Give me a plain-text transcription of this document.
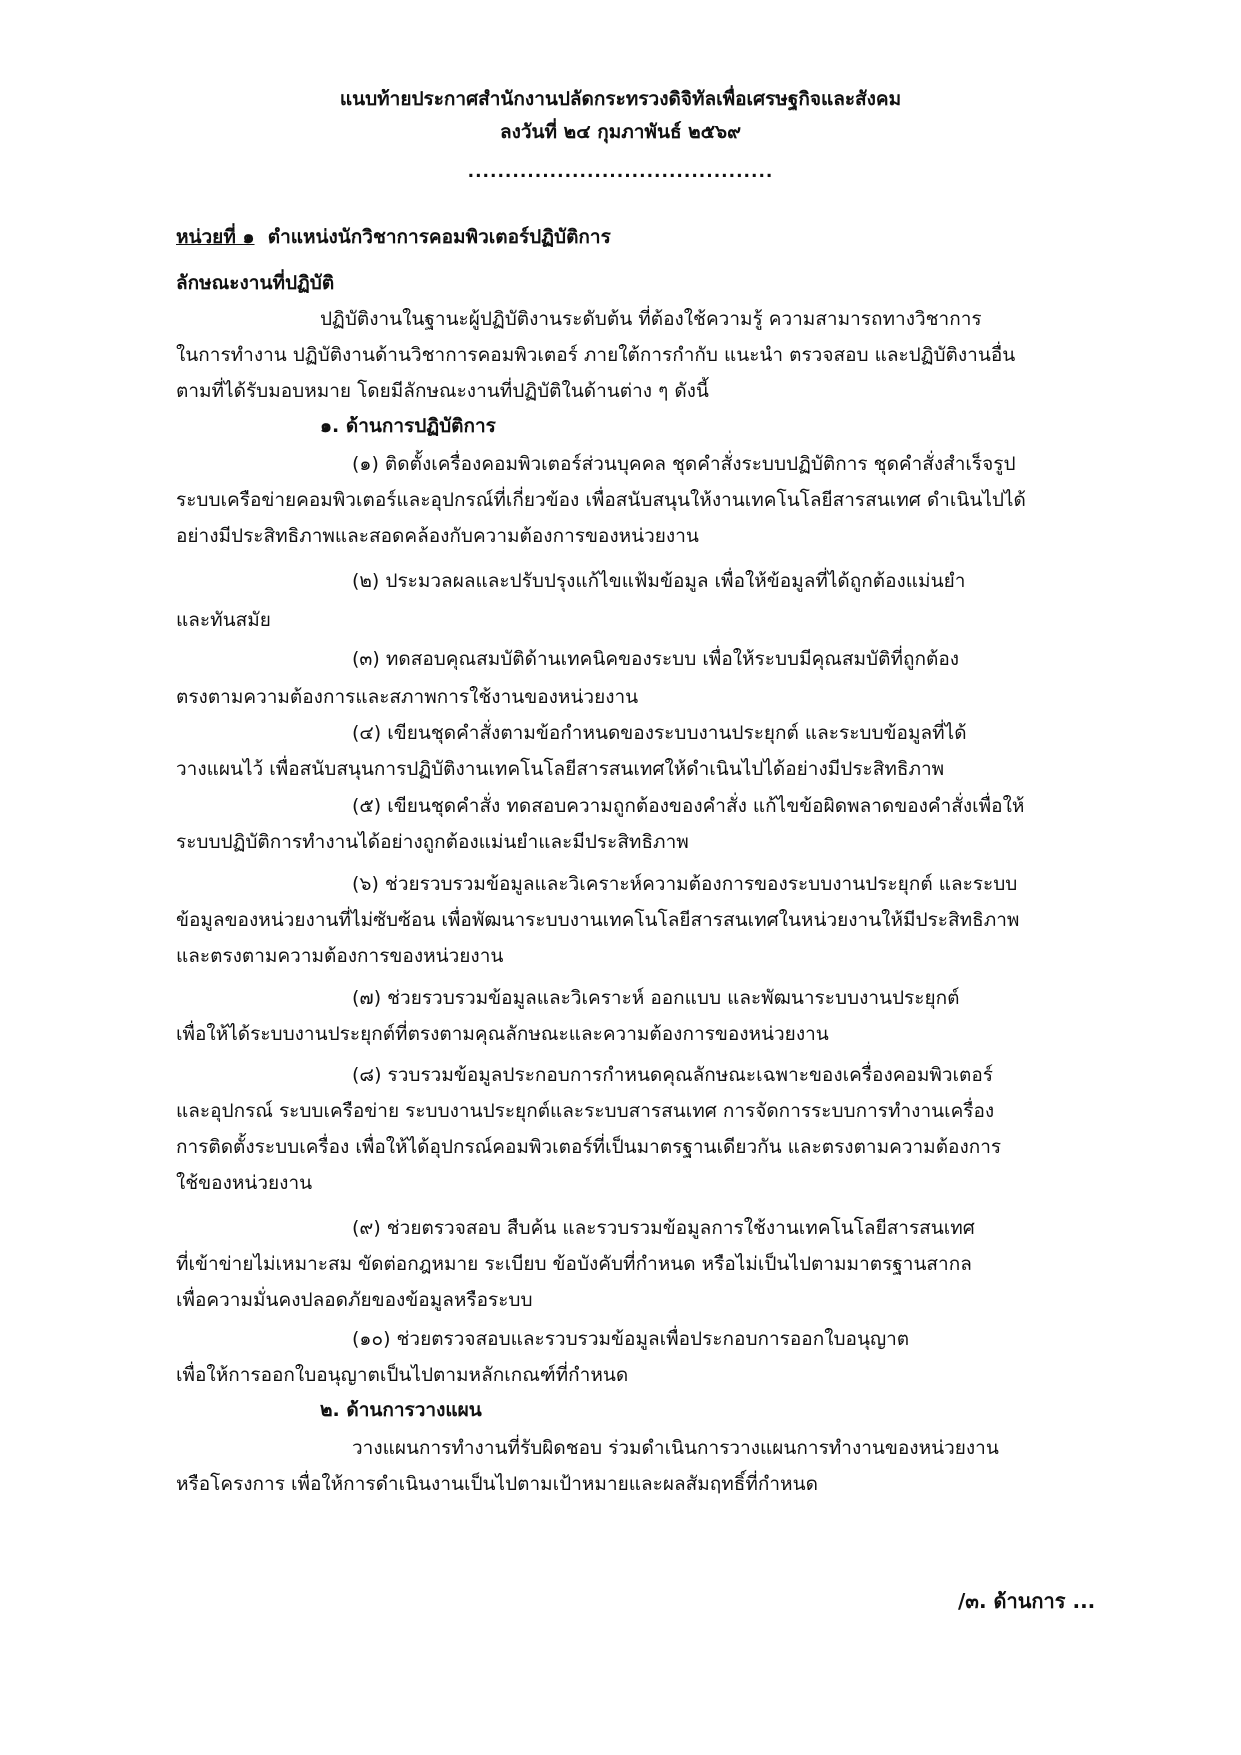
แนบท้ายประกาศสำนักงานปลัดกระทรวงดิจิทัลเพื่อเศรษฐกิจและสังคม

ลงวันที่ ๒๔ กุมภาพันธ์ ๒๕๖๙

.........................................

หน่วยที่ ๑ ตำแหน่งนักวิชาการคอมพิวเตอร์ปฏิบัติการ

ลักษณะงานที่ปฏิบัติ

ปฏิบัติงานในฐานะผู้ปฏิบัติงานระดับต้น ที่ต้องใช้ความรู้ ความสามารถทางวิชาการ

ในการทำงาน ปฏิบัติงานด้านวิชาการคอมพิวเตอร์ ภายใต้การกำกับ แนะนำ ตรวจสอบ และปฏิบัติงานอื่น

ตามที่ได้รับมอบหมาย โดยมีลักษณะงานที่ปฏิบัติในด้านต่าง ๆ ดังนี้

๑. ด้านการปฏิบัติการ

(๑) ติดตั้งเครื่องคอมพิวเตอร์ส่วนบุคคล ชุดคำสั่งระบบปฏิบัติการ ชุดคำสั่งสำเร็จรูป

ระบบเครือข่ายคอมพิวเตอร์และอุปกรณ์ที่เกี่ยวข้อง เพื่อสนับสนุนให้งานเทคโนโลยีสารสนเทศ ดำเนินไปได้

อย่างมีประสิทธิภาพและสอดคล้องกับความต้องการของหน่วยงาน

(๒) ประมวลผลและปรับปรุงแก้ไขแฟ้มข้อมูล เพื่อให้ข้อมูลที่ได้ถูกต้องแม่นยำ

และทันสมัย

(๓) ทดสอบคุณสมบัติด้านเทคนิคของระบบ เพื่อให้ระบบมีคุณสมบัติที่ถูกต้อง

ตรงตามความต้องการและสภาพการใช้งานของหน่วยงาน

(๔) เขียนชุดคำสั่งตามข้อกำหนดของระบบงานประยุกต์ และระบบข้อมูลที่ได้

วางแผนไว้ เพื่อสนับสนุนการปฏิบัติงานเทคโนโลยีสารสนเทศให้ดำเนินไปได้อย่างมีประสิทธิภาพ

(๕) เขียนชุดคำสั่ง ทดสอบความถูกต้องของคำสั่ง แก้ไขข้อผิดพลาดของคำสั่งเพื่อให้

ระบบปฏิบัติการทำงานได้อย่างถูกต้องแม่นยำและมีประสิทธิภาพ

(๖) ช่วยรวบรวมข้อมูลและวิเคราะห์ความต้องการของระบบงานประยุกต์ และระบบ

ข้อมูลของหน่วยงานที่ไม่ซับซ้อน เพื่อพัฒนาระบบงานเทคโนโลยีสารสนเทศในหน่วยงานให้มีประสิทธิภาพ

และตรงตามความต้องการของหน่วยงาน

(๗) ช่วยรวบรวมข้อมูลและวิเคราะห์ ออกแบบ และพัฒนาระบบงานประยุกต์

เพื่อให้ได้ระบบงานประยุกต์ที่ตรงตามคุณลักษณะและความต้องการของหน่วยงาน

(๘) รวบรวมข้อมูลประกอบการกำหนดคุณลักษณะเฉพาะของเครื่องคอมพิวเตอร์

และอุปกรณ์ ระบบเครือข่าย ระบบงานประยุกต์และระบบสารสนเทศ การจัดการระบบการทำงานเครื่อง

การติดตั้งระบบเครื่อง เพื่อให้ได้อุปกรณ์คอมพิวเตอร์ที่เป็นมาตรฐานเดียวกัน และตรงตามความต้องการ

ใช้ของหน่วยงาน

(๙) ช่วยตรวจสอบ สืบค้น และรวบรวมข้อมูลการใช้งานเทคโนโลยีสารสนเทศ

ที่เข้าข่ายไม่เหมาะสม ขัดต่อกฎหมาย ระเบียบ ข้อบังคับที่กำหนด หรือไม่เป็นไปตามมาตรฐานสากล

เพื่อความมั่นคงปลอดภัยของข้อมูลหรือระบบ

(๑๐) ช่วยตรวจสอบและรวบรวมข้อมูลเพื่อประกอบการออกใบอนุญาต

เพื่อให้การออกใบอนุญาตเป็นไปตามหลักเกณฑ์ที่กำหนด

๒. ด้านการวางแผน

วางแผนการทำงานที่รับผิดชอบ ร่วมดำเนินการวางแผนการทำงานของหน่วยงาน

หรือโครงการ เพื่อให้การดำเนินงานเป็นไปตามเป้าหมายและผลสัมฤทธิ์ที่กำหนด

/๓. ด้านการ ...
